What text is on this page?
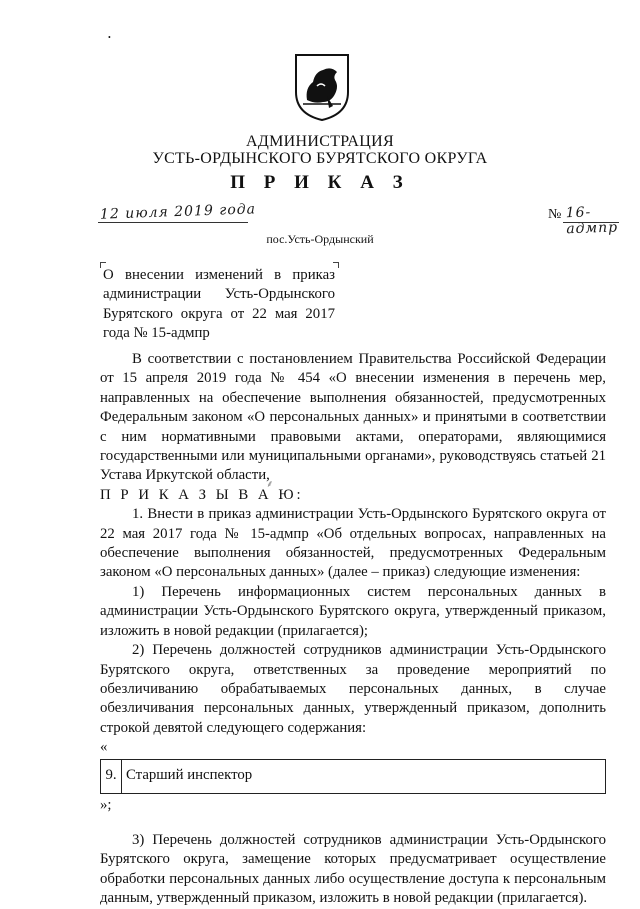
•
АДМИНИСТРАЦИЯ
УСТЬ-ОРДЫНСКОГО БУРЯТСКОГО ОКРУГА
П Р И К А З
12 июля 2019 года	№ 16-адмпр
пос.Усть-Ордынский
О внесении изменений в приказ администрации Усть-Ордынского Бурятского округа от 22 мая 2017 года № 15-адмпр
⸙

В соответствии с постановлением Правительства Российской Федерации от 15 апреля 2019 года № 454 «О внесении изменения в перечень мер, направленных на обеспечение выполнения обязанностей, предусмотренных Федеральным законом «О персональных данных» и принятыми в соответствии с ним нормативными правовыми актами, операторами, являющимися государственными или муниципальными органами», руководствуясь статьей 21 Устава Иркутской области,

П Р И К А З Ы В А Ю:

1. Внести в приказ администрации Усть-Ордынского Бурятского округа от 22 мая 2017 года № 15-адмпр «Об отдельных вопросах, направленных на обеспечение выполнения обязанностей, предусмотренных Федеральным законом «О персональных данных» (далее – приказ) следующие изменения:

1) Перечень информационных систем персональных данных в администрации Усть-Ордынского Бурятского округа, утвержденный приказом, изложить в новой редакции (прилагается);

2) Перечень должностей сотрудников администрации Усть-Ордынского Бурятского округа, ответственных за проведение мероприятий по обезличиванию обрабатываемых персональных данных, в случае обезличивания персональных данных, утвержденный приказом, дополнить строкой девятой следующего содержания:

«

9.	Старший инспектор

»;

3) Перечень должностей сотрудников администрации Усть-Ордынского Бурятского округа, замещение которых предусматривает осуществление обработки персональных данных либо осуществление доступа к персональным данным, утвержденный приказом, изложить в новой редакции (прилагается).
